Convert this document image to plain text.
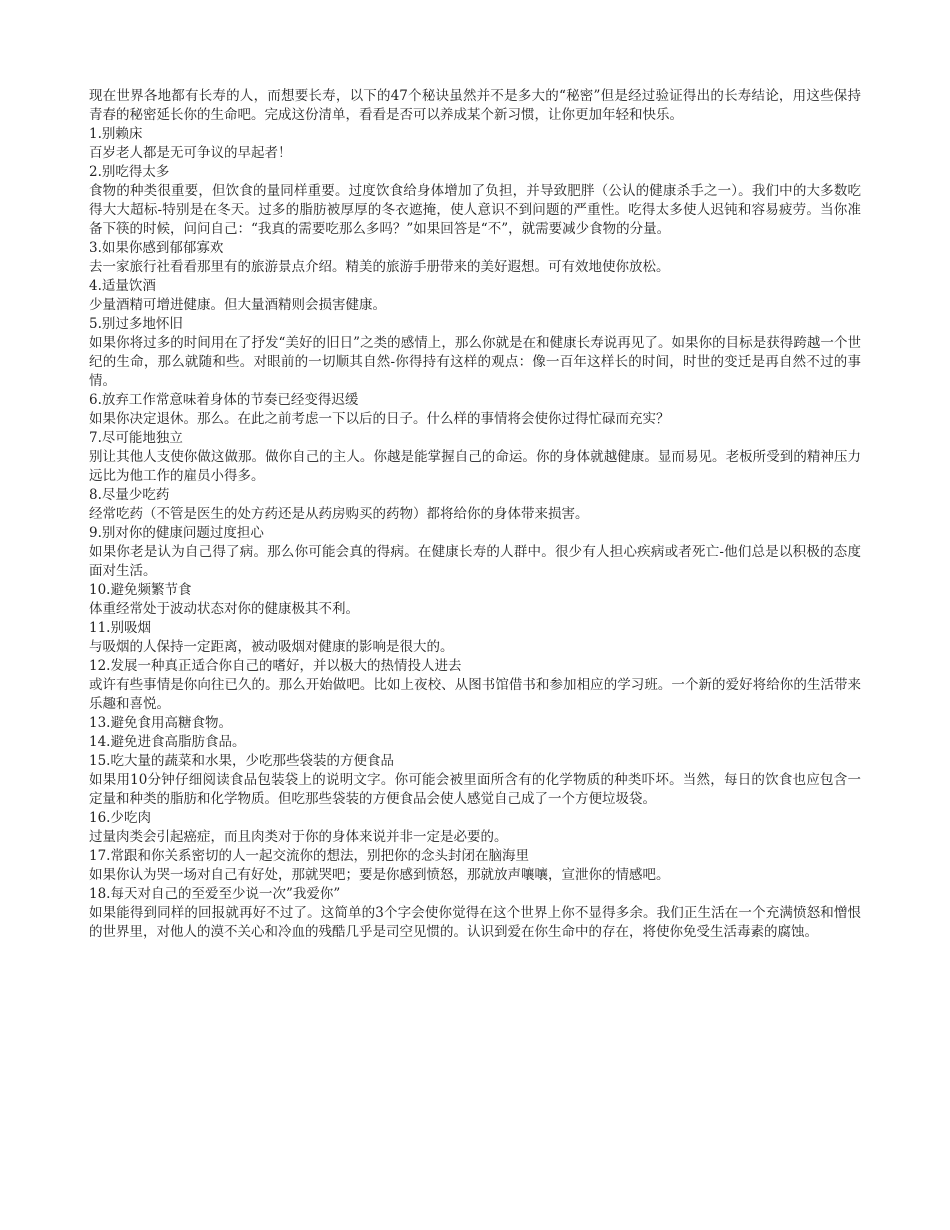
现在世界各地都有长寿的人，而想要长寿，以下的47个秘诀虽然并不是多大的“秘密”但是经过验证得出的长寿结论，用这些保持青春的秘密延长你的生命吧。完成这份清单，看看是否可以养成某个新习惯，让你更加年轻和快乐。

1.别赖床

百岁老人都是无可争议的早起者！

2.别吃得太多

食物的种类很重要，但饮食的量同样重要。过度饮食给身体增加了负担，并导致肥胖（公认的健康杀手之一）。我们中的大多数吃得大大超标-特别是在冬天。过多的脂肪被厚厚的冬衣遮掩，使人意识不到问题的严重性。吃得太多使人迟钝和容易疲劳。当你准备下筷的时候，问问自己：“我真的需要吃那么多吗？”如果回答是“不”，就需要减少食物的分量。

3.如果你感到郁郁寡欢

去一家旅行社看看那里有的旅游景点介绍。精美的旅游手册带来的美好遐想。可有效地使你放松。

4.适量饮酒

少量酒精可增进健康。但大量酒精则会损害健康。

5.别过多地怀旧

如果你将过多的时间用在了抒发“美好的旧日”之类的感情上，那么你就是在和健康长寿说再见了。如果你的目标是获得跨越一个世纪的生命，那么就随和些。对眼前的一切顺其自然-你得持有这样的观点：像一百年这样长的时间，时世的变迁是再自然不过的事情。

6.放弃工作常意味着身体的节奏已经变得迟缓

如果你决定退休。那么。在此之前考虑一下以后的日子。什么样的事情将会使你过得忙碌而充实？

7.尽可能地独立

别让其他人支使你做这做那。做你自己的主人。你越是能掌握自己的命运。你的身体就越健康。显而易见。老板所受到的精神压力远比为他工作的雇员小得多。

8.尽量少吃药

经常吃药（不管是医生的处方药还是从药房购买的药物）都将给你的身体带来损害。

9.别对你的健康问题过度担心

如果你老是认为自己得了病。那么你可能会真的得病。在健康长寿的人群中。很少有人担心疾病或者死亡-他们总是以积极的态度面对生活。

10.避免频繁节食

体重经常处于波动状态对你的健康极其不利。

11.别吸烟

与吸烟的人保持一定距离，被动吸烟对健康的影响是很大的。

12.发展一种真正适合你自己的嗜好，并以极大的热情投人进去

或许有些事情是你向往已久的。那么开始做吧。比如上夜校、从图书馆借书和参加相应的学习班。一个新的爱好将给你的生活带来乐趣和喜悦。

13.避免食用高糖食物。

14.避免进食高脂肪食品。

15.吃大量的蔬菜和水果，少吃那些袋装的方便食品

如果用10分钟仔细阅读食品包装袋上的说明文字。你可能会被里面所含有的化学物质的种类吓坏。当然，每日的饮食也应包含一定量和种类的脂肪和化学物质。但吃那些袋装的方便食品会使人感觉自己成了一个方便垃圾袋。

16.少吃肉

过量肉类会引起癌症，而且肉类对于你的身体来说并非一定是必要的。

17.常跟和你关系密切的人一起交流你的想法，别把你的念头封闭在脑海里

如果你认为哭一场对自己有好处，那就哭吧；要是你感到愤怒，那就放声嚷嚷，宣泄你的情感吧。

18.每天对自己的至爱至少说一次”我爱你”

如果能得到同样的回报就再好不过了。这简单的3个字会使你觉得在这个世界上你不显得多余。我们正生活在一个充满愤怒和憎恨的世界里，对他人的漠不关心和冷血的残酷几乎是司空见惯的。认识到爱在你生命中的存在，将使你免受生活毒素的腐蚀。
